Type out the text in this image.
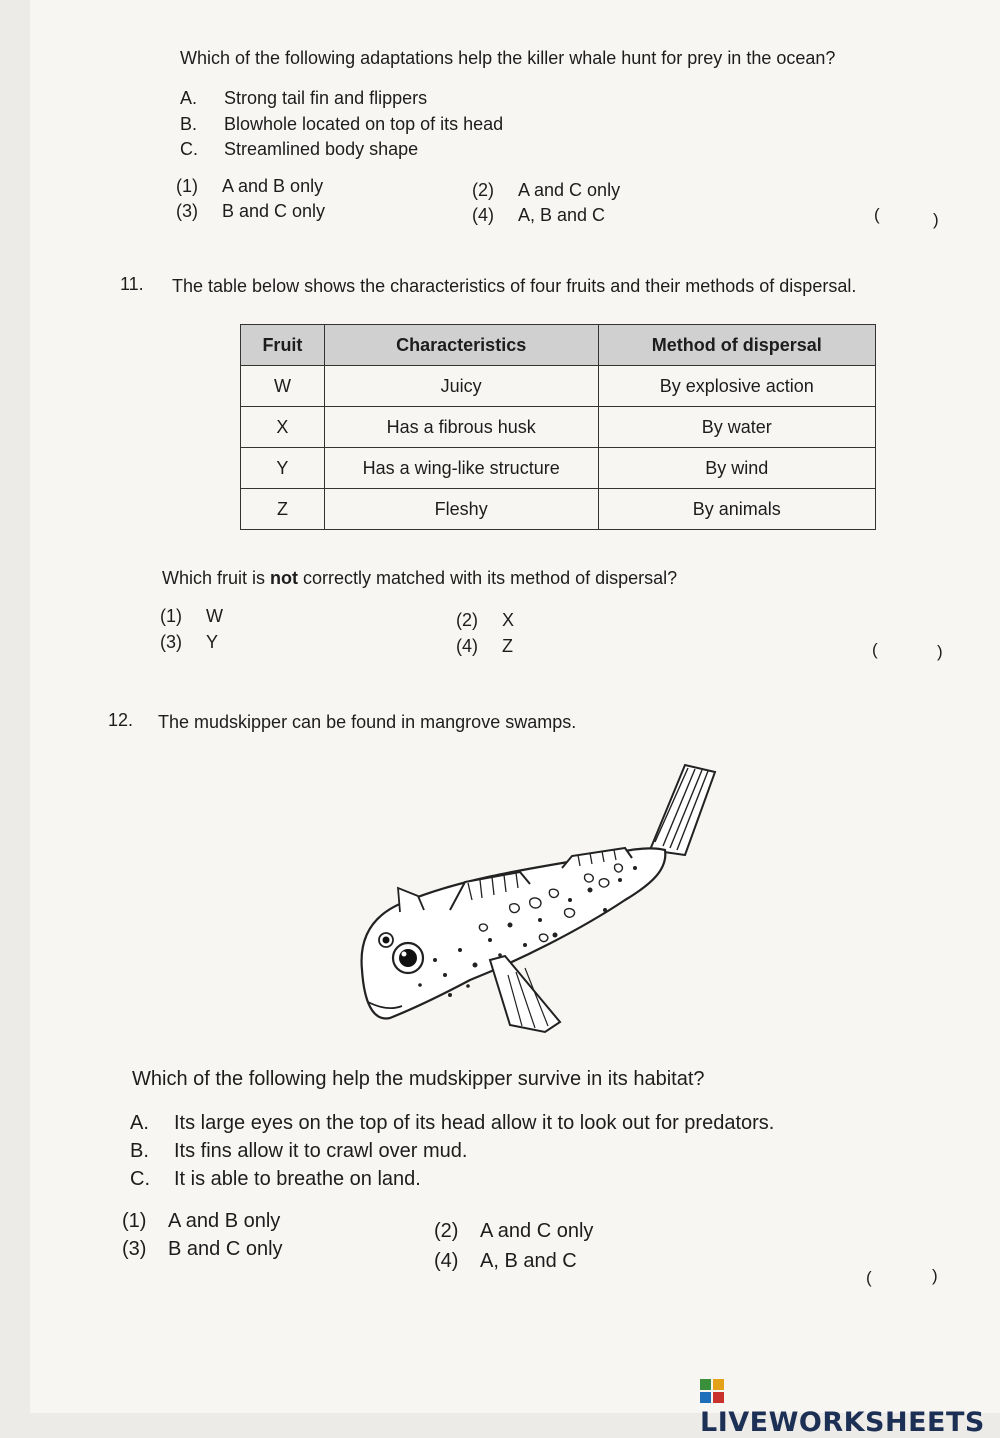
Which of the following adaptations help the killer whale hunt for prey in the ocean?
A. Strong tail fin and flippers
B. Blowhole located on top of its head
C. Streamlined body shape
(1) A and B only	(2) A and C only
(3) B and C only	(4) A, B and C	(	)
11. The table below shows the characteristics of four fruits and their methods of dispersal.
Fruit	Characteristics	Method of dispersal
W	Juicy	By explosive action
X	Has a fibrous husk	By water
Y	Has a wing-like structure	By wind
Z	Fleshy	By animals
Which fruit is not correctly matched with its method of dispersal?
(1) W	(2) X
(3) Y	(4) Z	(	)
12. The mudskipper can be found in mangrove swamps.
Which of the following help the mudskipper survive in its habitat?
A. Its large eyes on the top of its head allow it to look out for predators.
B. Its fins allow it to crawl over mud.
C. It is able to breathe on land.
(1) A and B only	(2) A and C only
(3) B and C only
(4) A, B and C
(	)
LIVEWORKSHEETS
